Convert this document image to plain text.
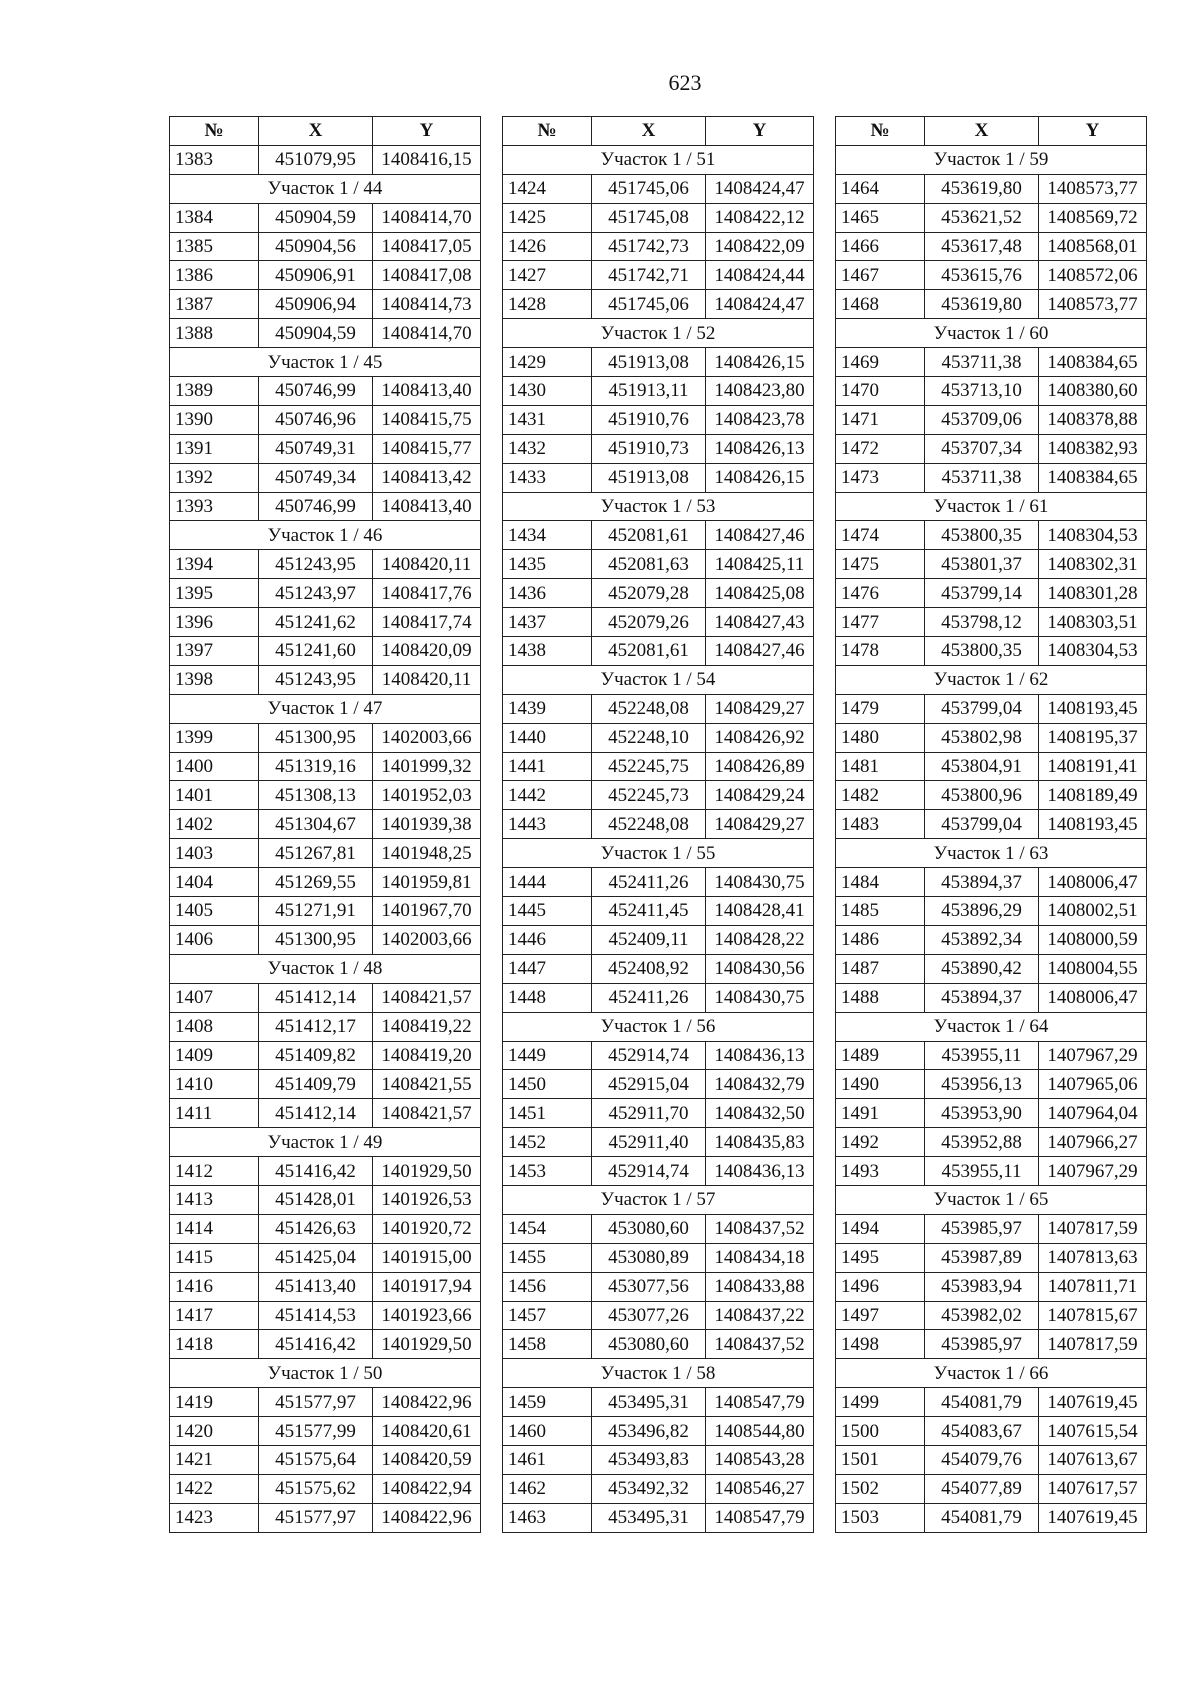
623
№	X	Y
1383	451079,95	1408416,15
Участок 1 / 44		
1384	450904,59	1408414,70
1385	450904,56	1408417,05
1386	450906,91	1408417,08
1387	450906,94	1408414,73
1388	450904,59	1408414,70
Участок 1 / 45		
1389	450746,99	1408413,40
1390	450746,96	1408415,75
1391	450749,31	1408415,77
1392	450749,34	1408413,42
1393	450746,99	1408413,40
Участок 1 / 46		
1394	451243,95	1408420,11
1395	451243,97	1408417,76
1396	451241,62	1408417,74
1397	451241,60	1408420,09
1398	451243,95	1408420,11
Участок 1 / 47		
1399	451300,95	1402003,66
1400	451319,16	1401999,32
1401	451308,13	1401952,03
1402	451304,67	1401939,38
1403	451267,81	1401948,25
1404	451269,55	1401959,81
1405	451271,91	1401967,70
1406	451300,95	1402003,66
Участок 1 / 48		
1407	451412,14	1408421,57
1408	451412,17	1408419,22
1409	451409,82	1408419,20
1410	451409,79	1408421,55
1411	451412,14	1408421,57
Участок 1 / 49		
1412	451416,42	1401929,50
1413	451428,01	1401926,53
1414	451426,63	1401920,72
1415	451425,04	1401915,00
1416	451413,40	1401917,94
1417	451414,53	1401923,66
1418	451416,42	1401929,50
Участок 1 / 50		
1419	451577,97	1408422,96
1420	451577,99	1408420,61
1421	451575,64	1408420,59
1422	451575,62	1408422,94
1423	451577,97	1408422,96
№	X	Y
Участок 1 / 51		
1424	451745,06	1408424,47
1425	451745,08	1408422,12
1426	451742,73	1408422,09
1427	451742,71	1408424,44
1428	451745,06	1408424,47
Участок 1 / 52		
1429	451913,08	1408426,15
1430	451913,11	1408423,80
1431	451910,76	1408423,78
1432	451910,73	1408426,13
1433	451913,08	1408426,15
Участок 1 / 53		
1434	452081,61	1408427,46
1435	452081,63	1408425,11
1436	452079,28	1408425,08
1437	452079,26	1408427,43
1438	452081,61	1408427,46
Участок 1 / 54		
1439	452248,08	1408429,27
1440	452248,10	1408426,92
1441	452245,75	1408426,89
1442	452245,73	1408429,24
1443	452248,08	1408429,27
Участок 1 / 55		
1444	452411,26	1408430,75
1445	452411,45	1408428,41
1446	452409,11	1408428,22
1447	452408,92	1408430,56
1448	452411,26	1408430,75
Участок 1 / 56		
1449	452914,74	1408436,13
1450	452915,04	1408432,79
1451	452911,70	1408432,50
1452	452911,40	1408435,83
1453	452914,74	1408436,13
Участок 1 / 57		
1454	453080,60	1408437,52
1455	453080,89	1408434,18
1456	453077,56	1408433,88
1457	453077,26	1408437,22
1458	453080,60	1408437,52
Участок 1 / 58		
1459	453495,31	1408547,79
1460	453496,82	1408544,80
1461	453493,83	1408543,28
1462	453492,32	1408546,27
1463	453495,31	1408547,79
№	X	Y
Участок 1 / 59		
1464	453619,80	1408573,77
1465	453621,52	1408569,72
1466	453617,48	1408568,01
1467	453615,76	1408572,06
1468	453619,80	1408573,77
Участок 1 / 60		
1469	453711,38	1408384,65
1470	453713,10	1408380,60
1471	453709,06	1408378,88
1472	453707,34	1408382,93
1473	453711,38	1408384,65
Участок 1 / 61		
1474	453800,35	1408304,53
1475	453801,37	1408302,31
1476	453799,14	1408301,28
1477	453798,12	1408303,51
1478	453800,35	1408304,53
Участок 1 / 62		
1479	453799,04	1408193,45
1480	453802,98	1408195,37
1481	453804,91	1408191,41
1482	453800,96	1408189,49
1483	453799,04	1408193,45
Участок 1 / 63		
1484	453894,37	1408006,47
1485	453896,29	1408002,51
1486	453892,34	1408000,59
1487	453890,42	1408004,55
1488	453894,37	1408006,47
Участок 1 / 64		
1489	453955,11	1407967,29
1490	453956,13	1407965,06
1491	453953,90	1407964,04
1492	453952,88	1407966,27
1493	453955,11	1407967,29
Участок 1 / 65		
1494	453985,97	1407817,59
1495	453987,89	1407813,63
1496	453983,94	1407811,71
1497	453982,02	1407815,67
1498	453985,97	1407817,59
Участок 1 / 66		
1499	454081,79	1407619,45
1500	454083,67	1407615,54
1501	454079,76	1407613,67
1502	454077,89	1407617,57
1503	454081,79	1407619,45
